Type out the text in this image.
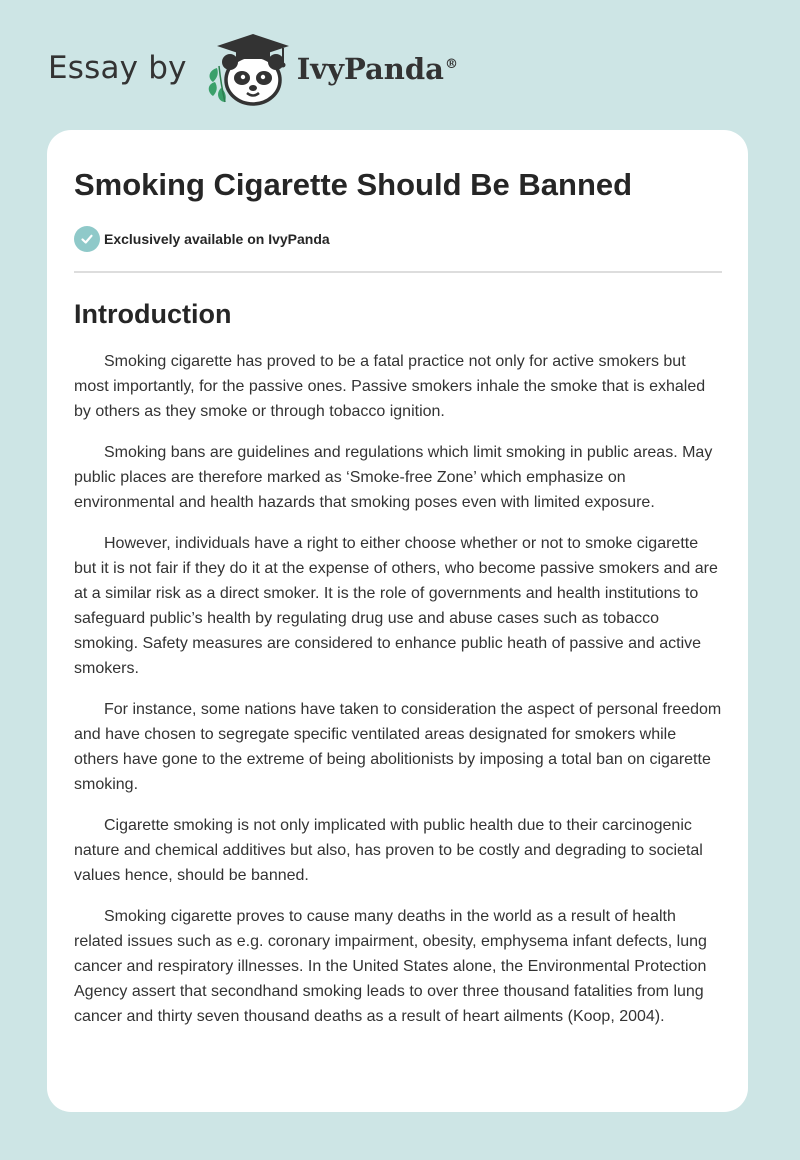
Essay by	IvyPanda®
Smoking Cigarette Should Be Banned
Exclusively available on IvyPanda
Introduction

Smoking cigarette has proved to be a fatal practice not only for active smokers but most importantly, for the passive ones. Passive smokers inhale the smoke that is exhaled by others as they smoke or through tobacco ignition.

Smoking bans are guidelines and regulations which limit smoking in public areas. May public places are therefore marked as ‘Smoke-free Zone’ which emphasize on environmental and health hazards that smoking poses even with limited exposure.

However, individuals have a right to either choose whether or not to smoke cigarette but it is not fair if they do it at the expense of others, who become passive smokers and are at a similar risk as a direct smoker. It is the role of governments and health institutions to safeguard public’s health by regulating drug use and abuse cases such as tobacco smoking. Safety measures are considered to enhance public heath of passive and active smokers.

For instance, some nations have taken to consideration the aspect of personal freedom and have chosen to segregate specific ventilated areas designated for smokers while others have gone to the extreme of being abolitionists by imposing a total ban on cigarette smoking.

Cigarette smoking is not only implicated with public health due to their carcinogenic nature and chemical additives but also, has proven to be costly and degrading to societal values hence, should be banned.

Smoking cigarette proves to cause many deaths in the world as a result of health related issues such as e.g. coronary impairment, obesity, emphysema infant defects, lung cancer and respiratory illnesses. In the United States alone, the Environmental Protection Agency assert that secondhand smoking leads to over three thousand fatalities from lung cancer and thirty seven thousand deaths as a result of heart ailments (Koop, 2004).
